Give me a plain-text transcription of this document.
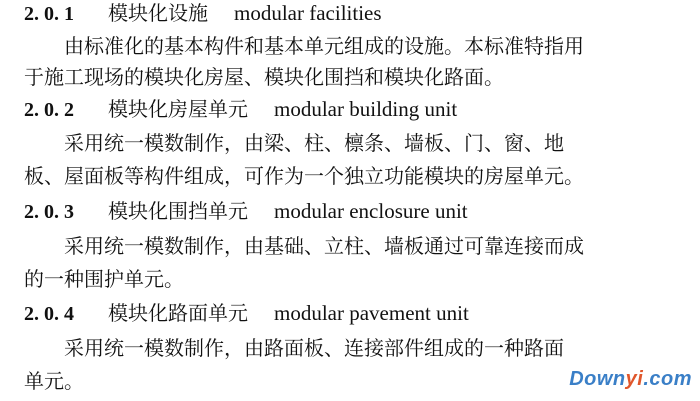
2. 0. 1 模块化设施 modular facilities
由标准化的基本构件和基本单元组成的设施。本标准特指用
于施工现场的模块化房屋、模块化围挡和模块化路面。
2. 0. 2 模块化房屋单元 modular building unit
采用统一模数制作，由梁、柱、檩条、墙板、门、窗、地
板、屋面板等构件组成，可作为一个独立功能模块的房屋单元。
2. 0. 3 模块化围挡单元 modular enclosure unit
采用统一模数制作，由基础、立柱、墙板通过可靠连接而成
的一种围护单元。
2. 0. 4 模块化路面单元 modular pavement unit
采用统一模数制作，由路面板、连接部件组成的一种路面
单元。	Downyi.com
